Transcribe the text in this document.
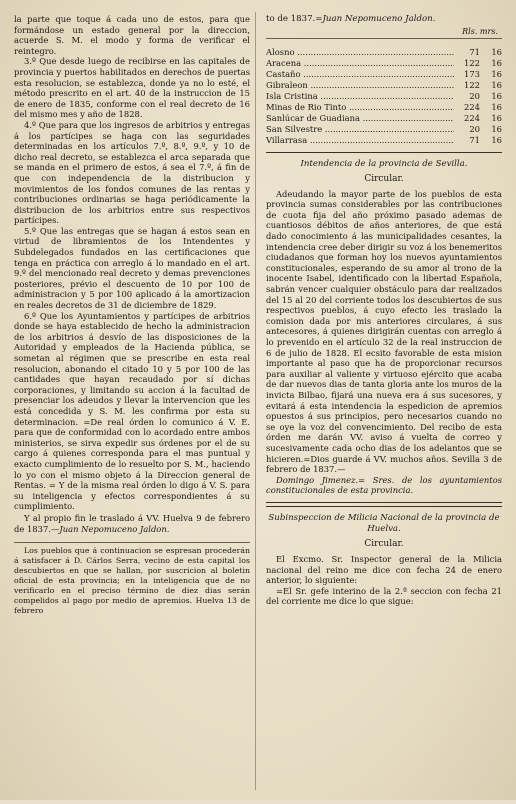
la parte que toque á cada uno de estos, para que formándose un estado general por la direccion, acuerde S. M. el modo y forma de verificar el reintegro.

3.º Que desde luego de recibirse en las capitales de provincia y puertos habilitados en derechos de puertas esta resolucion, se establezca, donde ya no lo esté, el método prescrito en el art. 40 de la instruccion de 15 de enero de 1835, conforme con el real decreto de 16 del mismo mes y año de 1828.

4.º Que para que los ingresos de arbitrios y entregas á los partícipes se haga con las seguridades determinadas en los artículos 7.º, 8.º, 9.º, y 10 de dicho real decreto, se establezca el arca separada que se manda en el primero de estos, á sea el 7.º, á fin de que con independencia de la distribucion y movimientos de los fondos comunes de las rentas y contribuciones ordinarias se haga periódicamente la distribucion de los arbitrios entre sus respectivos partícipes.

5.º Que las entregas que se hagan á estos sean en virtud de libramientos de los Intendentes y Subdelegados fundados en las certificaciones que tenga en práctica con arreglo á lo mandado en el art. 9.º del mencionado real decreto y demas prevenciones posteriores, prévio el descuento de 10 por 100 de administracion y 5 por 100 aplicado á la amortizacion en reales decretos de 31 de diciembre de 1829.

6.º Que los Ayuntamientos y partícipes de arbitrios donde se haya establecido de hecho la administracion de los arbitrios á desvío de las disposiciones de la Autoridad y empleados de la Hacienda pública, se sometan al régimen que se prescribe en esta real resolucion, abonando el citado 10 y 5 por 100 de las cantidades que hayan recaudado por sí dichas corporaciones, y limitando su accion á la facultad de presenciar los adeudos y llevar la intervencion que les está concedida y S. M. les confirma por esta su determinacion. =De real órden lo comunico á V. E. para que de conformidad con lo acordado entre ambos ministerios, se sirva expedir sus órdenes por el de su cargo á quienes corresponda para el mas puntual y exacto cumplimiento de lo resuelto por S. M., haciendo lo yo con el mismo objeto á la Direccion general de Rentas. = Y de la misma real órden lo digo á V. S. para su inteligencia y efectos correspondientes á su cumplimiento.

Y al propio fin le traslado á VV. Huelva 9 de febrero de 1837.—Juan Nepomuceno Jaldon.

Los pueblos que á continuacion se espresan procederán á satisfacer á D. Cárlos Serra, vecino de esta capital los descubiertos en que se hallan, por suscricion al boletin oficial de esta provincia; en la inteligencia que de no verificarlo en el preciso término de diez dias serán compelidos al pago por medio de apremios. Huelva 13 de febrero

to de 1837.=Juan Nepomuceno Jaldon.
Rls. mrs.
Alosno .....	71	16
Aracena .....	122	16
Castaño .....	173	16
Gibraleon .....	122	16
Isla Cristina .....	20	16
Minas de Rio Tinto .....	224	16
Sanlúcar de Guadiana .....	224	16
San Silvestre .....	20	16
Villarrasa .....	71	16
Intendencia de la provincia de Sevilla.
Circular.

Adeudando la mayor parte de los pueblos de esta provincia sumas considerables por las contribuciones de cuota fija del año próximo pasado ademas de cuantiosos débitos de años anteriores, de que está dado conocimiento á las municipalidades cesantes, la intendencia cree deber dirigir su voz á los benemeritos ciudadanos que forman hoy los nuevos ayuntamientos constitucionales, esperando de su amor al trono de la inocente Isabel, identificado con la libertad Española, sabrán vencer cualquier obstáculo para dar realizados del 15 al 20 del corriente todos los descubiertos de sus respectivos pueblos, á cuyo efecto les traslado la comision dada por mis anteriores circulares, á sus antecesores, á quienes dirigirán cuentas con arreglo á lo prevenido en el artículo 32 de la real instruccion de 6 de julio de 1828. El ecsito favorable de esta mision importante al paso que ha de proporcionar recursos para auxiliar al valiente y virtuoso ejército que acaba de dar nuevos dias de tanta gloria ante los muros de la invicta Bilbao, fijará una nueva era á sus sucesores, y evitará á esta intendencia la espedicion de apremios opuestos á sus principios, pero necesarios cuando no se oye la voz del convencimiento. Del recibo de esta órden me darán VV. aviso á vuelta de correo y sucesivamente cada ocho dias de los adelantos que se hicieren.=Dios guarde á VV. muchos años. Sevilla 3 de febrero de 1837.—

Domingo Jimenez.= Sres. de los ayuntamientos constitucionales de esta provincia.

Subinspeccion de Milicia Nacional de la provincia de Huelva.
Circular.

El Excmo. Sr. Inspector general de la Milicia nacional del reino me dice con fecha 24 de enero anterior, lo siguiente:

=El Sr. gefe interino de la 2.ª seccion con fecha 21 del corriente me dice lo que sigue:
